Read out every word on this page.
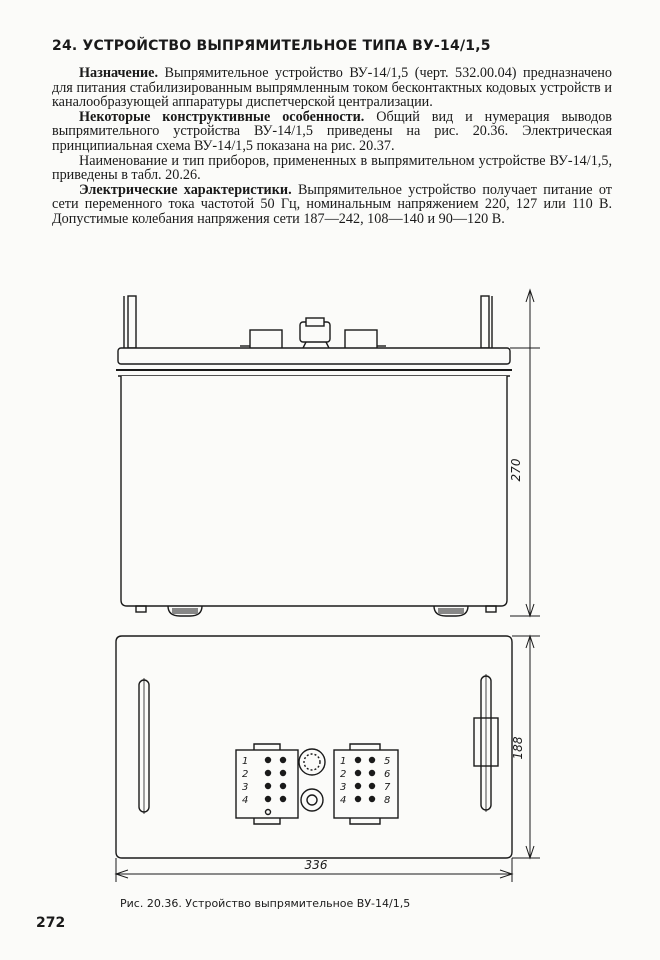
24. УСТРОЙСТВО ВЫПРЯМИТЕЛЬНОЕ ТИПА ВУ-14/1,5

Назначение. Выпрямительное устройство ВУ-14/1,5 (черт. 532.00.04) предназначено для питания стабилизированным выпрямленным током бесконтактных кодовых устройств и каналообразующей аппаратуры диспетчерской централизации.

Некоторые конструктивные особенности. Общий вид и нумерация выводов выпрямительного устройства ВУ-14/1,5 приведены на рис. 20.36. Электрическая принципиальная схема ВУ-14/1,5 показана на рис. 20.37.

Наименование и тип приборов, примененных в выпрямительном устройстве ВУ-14/1,5, приведены в табл. 20.26.

Электрические характеристики. Выпрямительное устройство получает питание от сети переменного тока частотой 50 Гц, номинальным напряжением 220, 127 или 110 В. Допустимые колебания напряжения сети 187—242, 108—140 и 90—120 В.

270
1
2
3
4
1
2
3
4
5
6
7
8
188
336
Рис. 20.36. Устройство выпрямительное ВУ-14/1,5
272
